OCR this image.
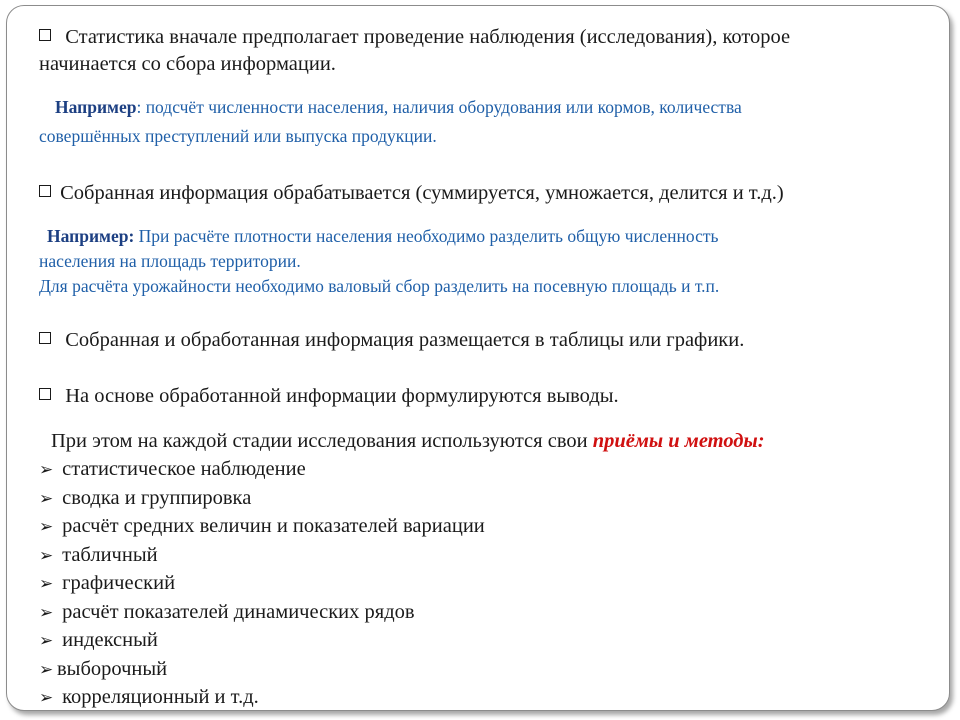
Статистика вначале предполагает проведение наблюдения (исследования), которое
начинается со сбора информации.
Например: подсчёт численности населения, наличия оборудования или кормов, количества
совершённых преступлений или выпуска продукции.
Собранная информация обрабатывается (суммируется, умножается, делится и т.д.)
Например: При расчёте плотности населения необходимо разделить общую численность
населения на площадь территории.
Для расчёта урожайности необходимо валовый сбор разделить на посевную площадь и т.п.
Собранная и обработанная информация размещается в таблицы или графики.
На основе обработанной информации формулируются выводы.
При этом на каждой стадии исследования используются свои приёмы и методы:
➢ статистическое наблюдение
➢ сводка и группировка
➢ расчёт средних величин и показателей вариации
➢ табличный
➢ графический
➢ расчёт показателей динамических рядов
➢ индексный
➢ выборочный
➢ корреляционный и т.д.
